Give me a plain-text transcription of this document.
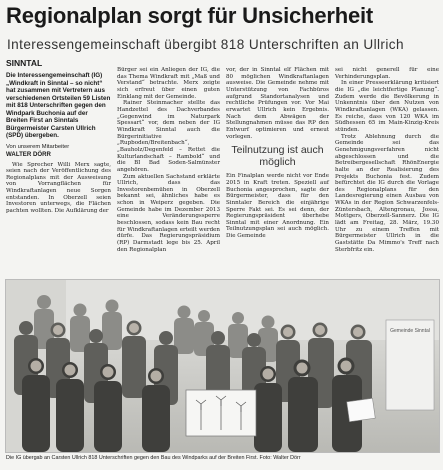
Regionalplan sorgt für Unsicherheit
Interessengemeinschaft übergibt 818 Unterschriften an Ullrich
SINNTAL

Die Interessengemeinschaft (IG) „Windkraft in Sinntal – so nicht“ hat zusammen mit Vertretern aus verschiedenen Ortsteilen 59 Listen mit 818 Unterschriften gegen den Windpark Buchonia auf der Breiten First an Sinntals Bürgermeister Carsten Ullrich (SPD) übergeben.

Von unserem Mitarbeiter
WALTER DÖRR

Wie Sprecher Willi Merx sagte, seien nach der Veröffentlichung des Regionalplans mit der Ausweisung von Vorrangflächen für Windkraftanlagen neue Sorgen entstanden. In Oberzell seien Investoren unterwegs, die Flächen pachten wollten. Die Aufklärung der

Bürger sei ein Anliegen der IG, die das Thema Windkraft mit „Maß und Verstand“ betrachte. Merx zeigte sich erfreut über einen guten Einklang mit der Gemeinde.

Rainer Steinmacher stellte das Handzettel des Dachverbandes „Gegenwind im Naturpark Spessart“ vor, dem neben der IG Windkraft Sinntal auch die Bürgerinitiative „Rupboden/Breitenbach“, „Bauholz/Degenfeld – Rettet die Kulturlandschaft – Rambold“ und die BI Bad Soden-Salmünster angehören.

Zum aktuellen Sachstand erklärte Ullrich, dass das Investorenbemühen in Oberzell bekannt sei, ähnliches habe es schon in Weiperz gegeben. Die Gemeinde habe im Dezember 2013 eine Veränderungssperre beschlossen, sodass kein Bau recht für Windkraftanlagen erteilt werden dürfe. Das Regierungspräsidium (RP) Darmstadt lege bis 25. April den Regionalplan

vor, der in Sinntal elf Flächen mit 80 möglichen Windkraftanlagen ausweise. Die Gemeinde nehme mit Unterstützung von Fachbüros aufgrund Standortanalysen und rechtliche Prüfungen vor. Vor Mai erwartet Ullrich kein Ergebnis. Nach dem Abwägen der Stellungnahmen müsse das RP den Entwurf optimieren und erneut vorlegen.

Teilnutzung ist auch möglich

Ein Finalplan werde nicht vor Ende 2015 in Kraft treten. Speziell auf Buchonia angesprochen, sagte der Bürgermeister, dass für den Sinntaler Bereich die einjährige Sperre Fakt sei. Es sei denn, der Regierungspräsident überhebe Sinntal mit einer Anordnung. Ein Teilnutzungsplan sei auch möglich. Die Gemeinde

sei nicht generell für eine Verhinderungsplan.

In einer Presseerklärung kritisiert die IG „die leichtfertige Planung“. Zudem werde die Bevölkerung in Unkenntnis über den Nutzen von Windkraftanlagen (WKA) gelassen. Es reiche, dass von 120 WKA im Südhessen 65 im Main-Kinzig-Kreis stünden.

Trotz Ablehnung durch die Gemeinde sei das Genehmigungsverfahren nicht abgeschlossen und die Betreibergesellschaft RhönEnergie halte an der Realisierung des Projekts Buchonia fest. Zudem befürchtet die IG durch die Vorlage des Regionalplans für den Landesregierung einen Ausbau von WKAs in der Region Schwarzenfels-Züntersbach, Altengronau, Jossa, Mottgers, Oberzell-Sannerz. Die IG lädt am Freitag, 28. März, 19.30 Uhr zu einem Treffen mit Bürgermeister Ullrich in die Gaststätte Da Mimmo's Treff nach Sterbfritz ein.

Gemeinde Sinntal
Die IG übergab an Carsten Ullrich 818 Unterschriften gegen den Bau des Windparks auf der Breiten First. Foto: Walter Dörr
